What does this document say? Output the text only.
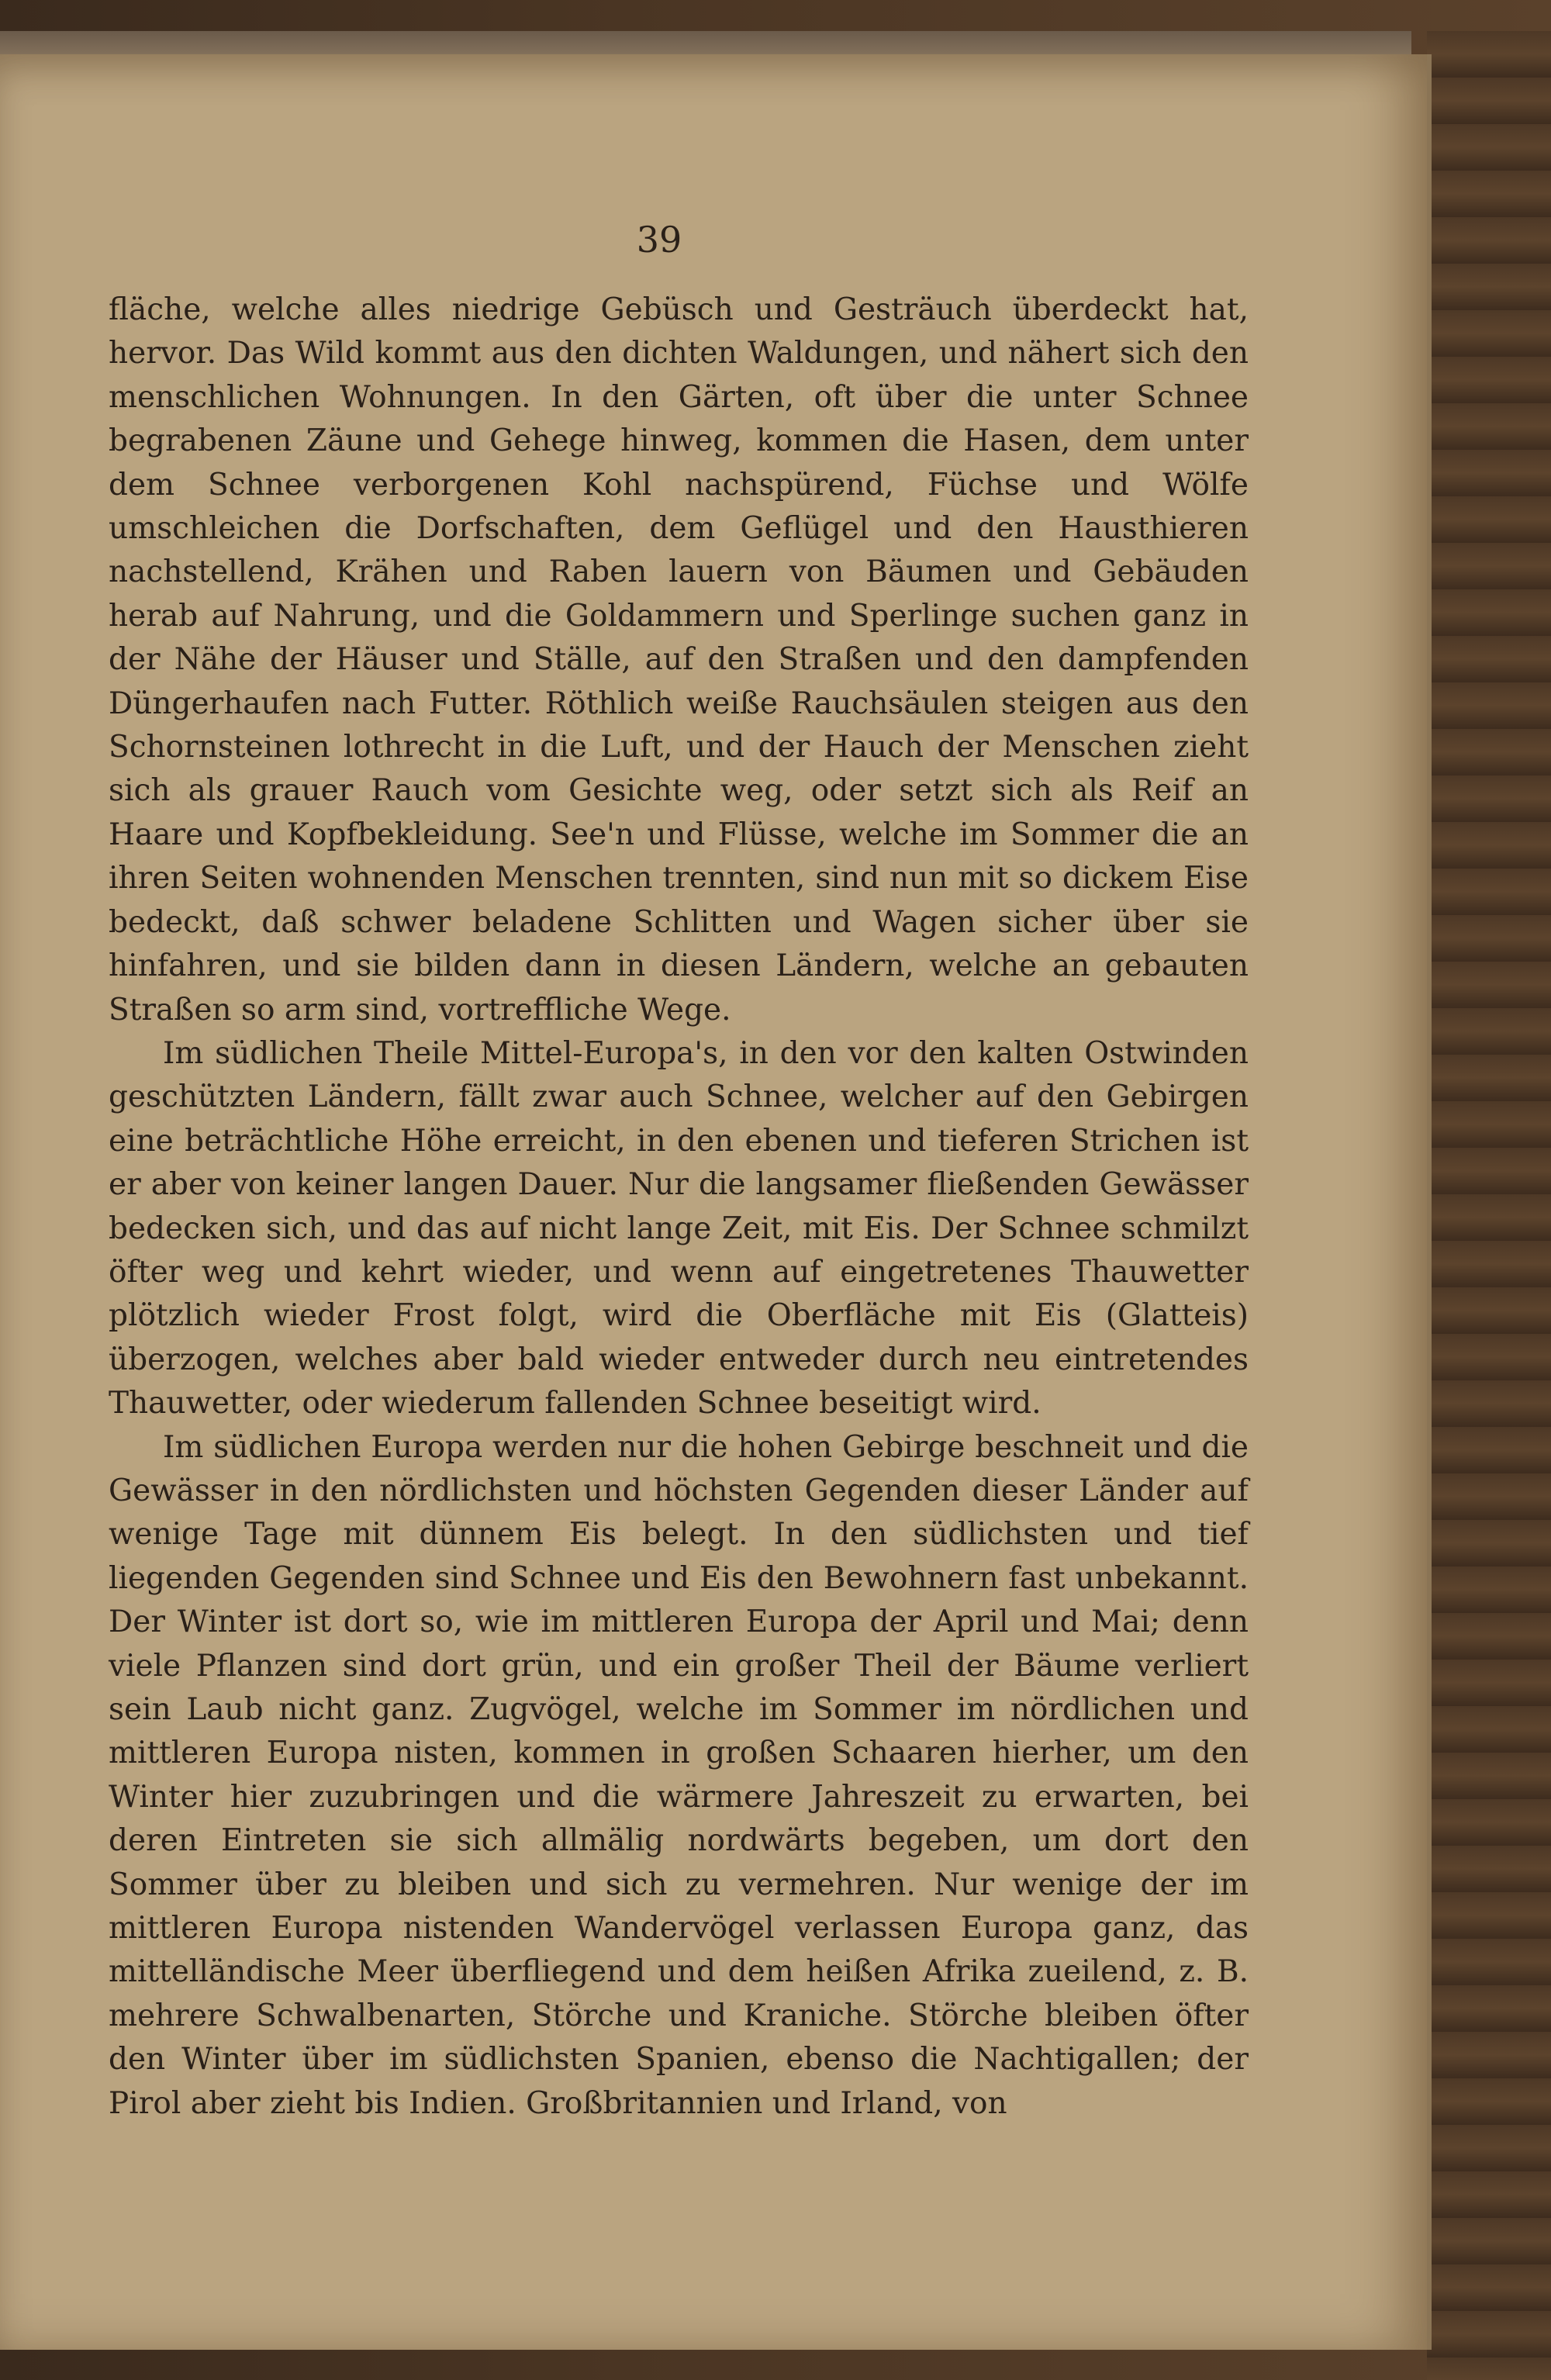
39

fläche, welche alles niedrige Gebüsch und Gesträuch überdeckt hat, hervor. Das Wild kommt aus den dichten Waldungen, und nähert sich den menschlichen Wohnungen. In den Gärten, oft über die unter Schnee begrabenen Zäune und Gehege hinweg, kommen die Hasen, dem unter dem Schnee verborgenen Kohl nachspürend, Füchse und Wölfe umschleichen die Dorfschaften, dem Geflügel und den Hausthieren nachstellend, Krähen und Raben lauern von Bäumen und Gebäuden herab auf Nahrung, und die Goldammern und Sperlinge suchen ganz in der Nähe der Häuser und Ställe, auf den Straßen und den dampfenden Düngerhaufen nach Futter. Röthlich weiße Rauchsäulen steigen aus den Schornsteinen lothrecht in die Luft, und der Hauch der Menschen zieht sich als grauer Rauch vom Gesichte weg, oder setzt sich als Reif an Haare und Kopfbekleidung. See'n und Flüsse, welche im Sommer die an ihren Seiten wohnenden Menschen trennten, sind nun mit so dickem Eise bedeckt, daß schwer beladene Schlitten und Wagen sicher über sie hinfahren, und sie bilden dann in diesen Ländern, welche an gebauten Straßen so arm sind, vortreffliche Wege.

Im südlichen Theile Mittel-Europa's, in den vor den kalten Ostwinden geschützten Ländern, fällt zwar auch Schnee, welcher auf den Gebirgen eine beträchtliche Höhe erreicht, in den ebenen und tieferen Strichen ist er aber von keiner langen Dauer. Nur die langsamer fließenden Gewässer bedecken sich, und das auf nicht lange Zeit, mit Eis. Der Schnee schmilzt öfter weg und kehrt wieder, und wenn auf eingetretenes Thauwetter plötzlich wieder Frost folgt, wird die Oberfläche mit Eis (Glatteis) überzogen, welches aber bald wieder entweder durch neu eintretendes Thauwetter, oder wiederum fallenden Schnee beseitigt wird.

Im südlichen Europa werden nur die hohen Gebirge beschneit und die Gewässer in den nördlichsten und höchsten Gegenden dieser Länder auf wenige Tage mit dünnem Eis belegt. In den südlichsten und tief liegenden Gegenden sind Schnee und Eis den Bewohnern fast unbekannt. Der Winter ist dort so, wie im mittleren Europa der April und Mai; denn viele Pflanzen sind dort grün, und ein großer Theil der Bäume verliert sein Laub nicht ganz. Zugvögel, welche im Sommer im nördlichen und mittleren Europa nisten, kommen in großen Schaaren hierher, um den Winter hier zuzubringen und die wärmere Jahreszeit zu erwarten, bei deren Eintreten sie sich allmälig nordwärts begeben, um dort den Sommer über zu bleiben und sich zu vermehren. Nur wenige der im mittleren Europa nistenden Wandervögel verlassen Europa ganz, das mittelländische Meer überfliegend und dem heißen Afrika zueilend, z. B. mehrere Schwalbenarten, Störche und Kraniche. Störche bleiben öfter den Winter über im südlichsten Spanien, ebenso die Nachtigallen; der Pirol aber zieht bis Indien. Großbritannien und Irland, von
